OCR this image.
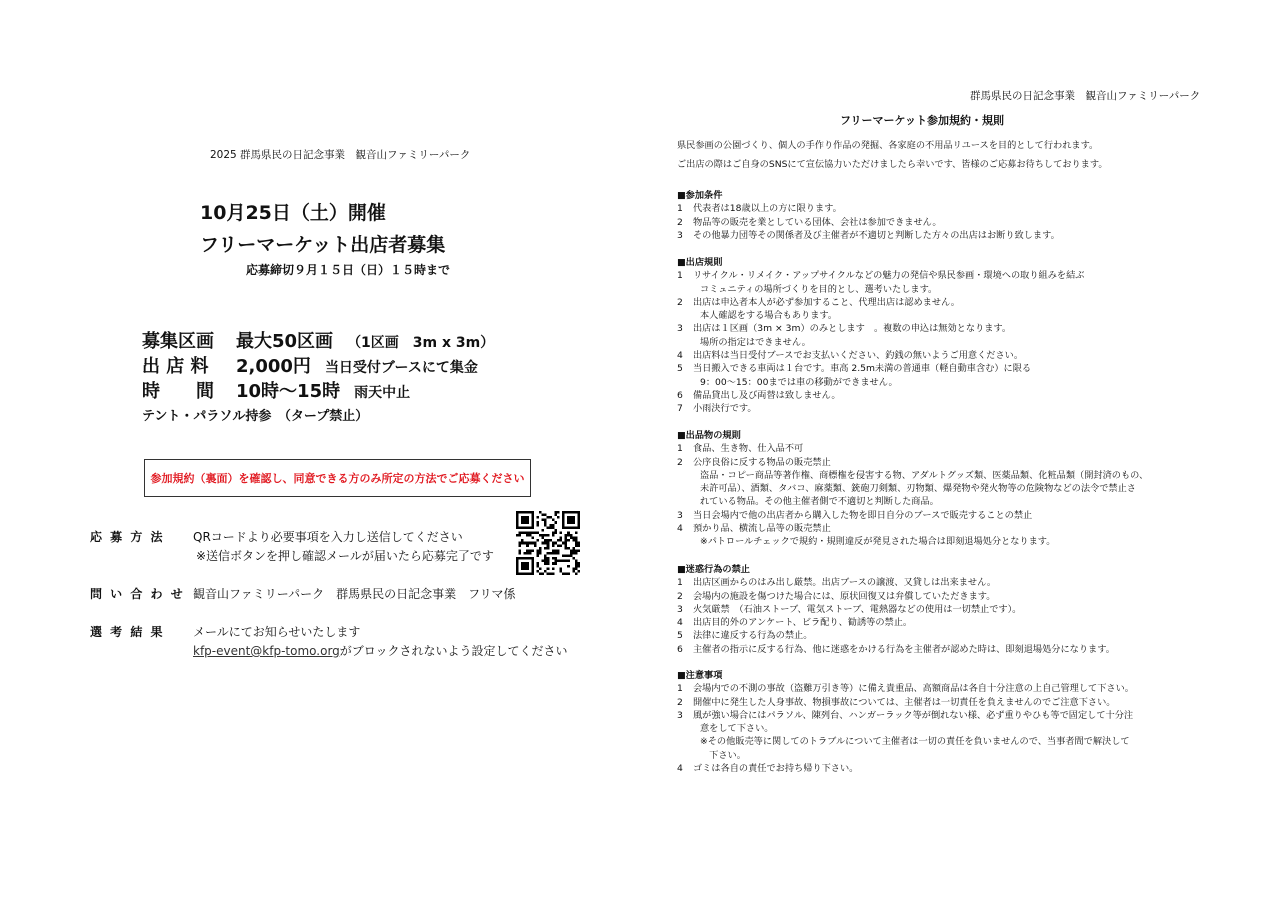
2025 群馬県民の日記念事業　観音山ファミリーパーク
10月25日（土）開催
フリーマーケット出店者募集
応募締切９月１５日（日）１５時まで
募集区画 最大50区画 （1区画　3m x 3m）
出 店 料 2,000円 当日受付ブースにて集金
時　　間 10時～15時 雨天中止
テント・パラソル持参　（タープ禁止）
参加規約（裏面）を確認し、同意できる方のみ所定の方法でご応募ください
応 募 方 法 QRコードより必要事項を入力し送信してください
※送信ボタンを押し確認メールが届いたら応募完了です
問 い 合 わ せ 観音山ファミリーパーク　群馬県民の日記念事業　フリマ係
選 考 結 果 メールにてお知らせいたします
kfp-event@kfp-tomo.orgがブロックされないよう設定してください
群馬県民の日記念事業　観音山ファミリーパーク
フリーマーケット参加規約・規則
県民参画の公園づくり、個人の手作り作品の発掘、各家庭の不用品リユースを目的として行われます。
ご出店の際はご自身のSNSにて宣伝協力いただけましたら幸いです、皆様のご応募お待ちしております。
■参加条件
1	代表者は18歳以上の方に限ります。
2	物品等の販売を業としている団体、会社は参加できません。
3	その他暴力団等その関係者及び主催者が不適切と判断した方々の出店はお断り致します。
■出店規則
1	リサイクル・リメイク・アップサイクルなどの魅力の発信や県民参画・環境への取り組みを結ぶ
コミュニティの場所づくりを目的とし、選考いたします。
2	出店は申込者本人が必ず参加すること、代理出店は認めません。
本人確認をする場合もあります。
3	出店は１区画（3m × 3m）のみとします　。複数の申込は無効となります。
場所の指定はできません。
4	出店料は当日受付ブースでお支払いください、釣銭の無いようご用意ください。
5	当日搬入できる車両は１台です。車高 2.5m未満の普通車（軽自動車含む）に限る
9：00～15：00までは車の移動ができません。
6	備品貸出し及び両替は致しません。
7	小雨決行です。
■出品物の規則
1	食品、生き物、仕入品不可
2	公序良俗に反する物品の販売禁止
盗品・コピー商品等著作権、商標権を侵害する物、アダルトグッズ類、医薬品類、化粧品類（開封済のもの、
未許可品）、酒類、タバコ、麻薬類、銃砲刀剣類、刃物類、爆発物や発火物等の危険物などの法令で禁止さ
れている物品。その他主催者側で不適切と判断した商品。
3	当日会場内で他の出店者から購入した物を即日自分のブースで販売することの禁止
4	預かり品、横流し品等の販売禁止
※パトロールチェックで規約・規則違反が発見された場合は即刻退場処分となります。
■迷惑行為の禁止
1	出店区画からのはみ出し厳禁。出店ブースの譲渡、又貸しは出来ません。
2	会場内の施設を傷つけた場合には、原状回復又は弁償していただきます。
3	火気厳禁　（石油ストーブ、電気ストーブ、電熱器などの使用は一切禁止です）。
4	出店目的外のアンケート、ビラ配り、勧誘等の禁止。
5	法律に違反する行為の禁止。
6	主催者の指示に反する行為、他に迷惑をかける行為を主催者が認めた時は、即刻退場処分になります。
■注意事項
1	会場内での不測の事故（盗難万引き等）に備え貴重品、高額商品は各自十分注意の上自己管理して下さい。
2	開催中に発生した人身事故、物損事故については、主催者は一切責任を負えませんのでご注意下さい。
3	風が強い場合にはパラソル、陳列台、ハンガーラック等が倒れない様、必ず重りやひも等で固定して十分注
意をして下さい。
※その他販売等に関してのトラブルについて主催者は一切の責任を負いませんので、当事者間で解決して
　下さい。
4	ゴミは各自の責任でお持ち帰り下さい。
